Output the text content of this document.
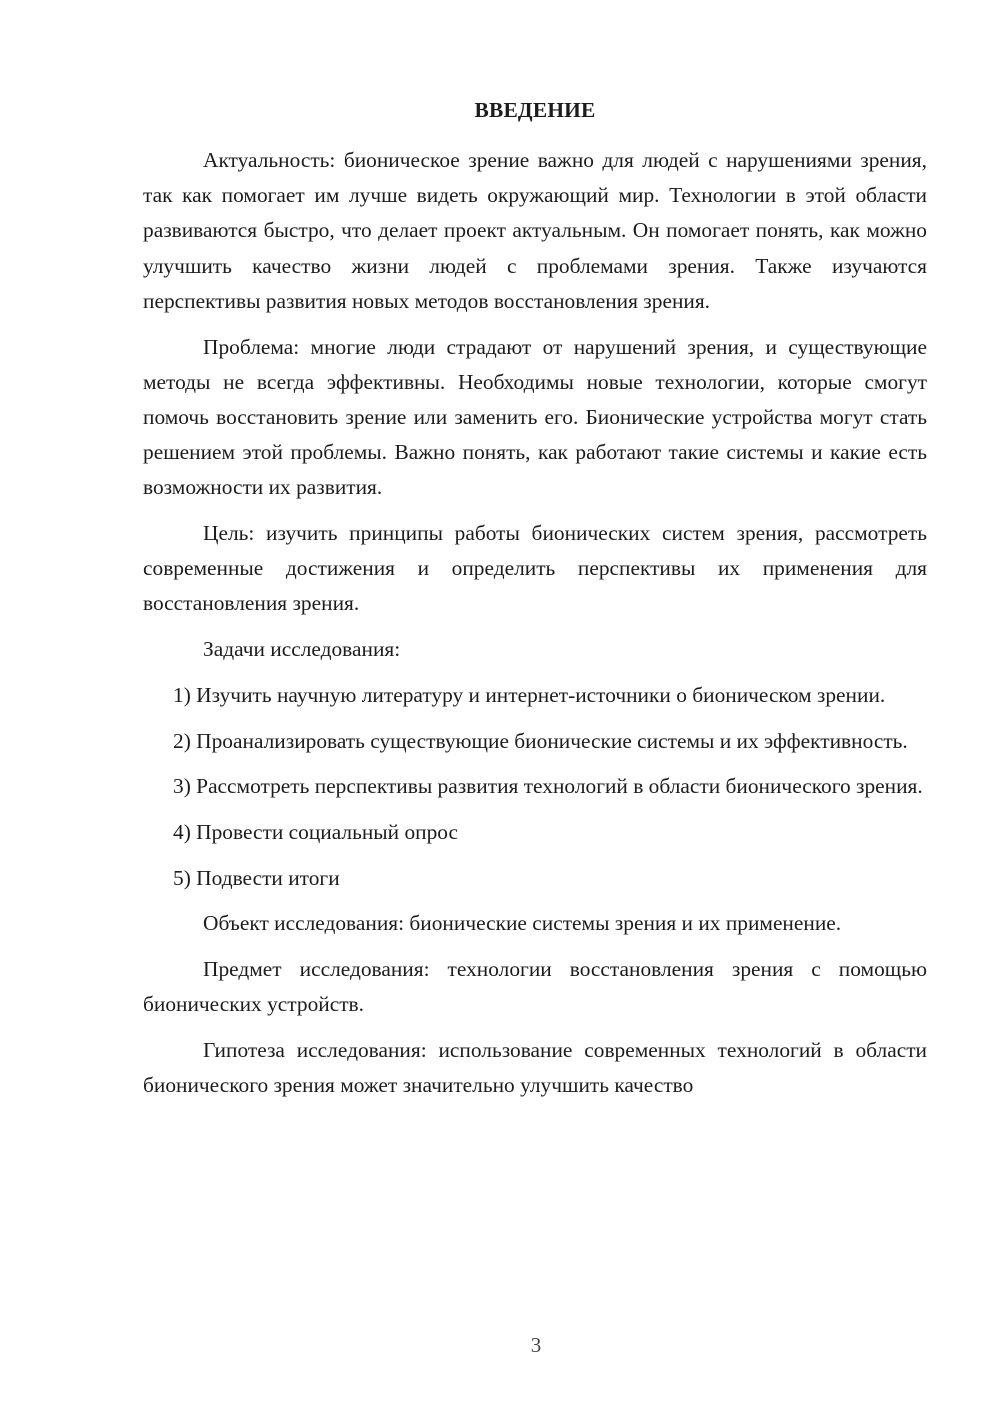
ВВЕДЕНИЕ

Актуальность: бионическое зрение важно для людей с нарушениями зрения, так как помогает им лучше видеть окружающий мир. Технологии в этой области развиваются быстро, что делает проект актуальным. Он помогает понять, как можно улучшить качество жизни людей с проблемами зрения. Также изучаются перспективы развития новых методов восстановления зрения.

Проблема: многие люди страдают от нарушений зрения, и существующие методы не всегда эффективны. Необходимы новые технологии, которые смогут помочь восстановить зрение или заменить его. Бионические устройства могут стать решением этой проблемы. Важно понять, как работают такие системы и какие есть возможности их развития.

Цель: изучить принципы работы бионических систем зрения, рассмотреть современные достижения и определить перспективы их применения для восстановления зрения.

Задачи исследования:

1) Изучить научную литературу и интернет-источники о бионическом зрении.

2) Проанализировать существующие бионические системы и их эффективность.

3) Рассмотреть перспективы развития технологий в области бионического зрения.

4) Провести социальный опрос

5) Подвести итоги

Объект исследования: бионические системы зрения и их применение.

Предмет исследования: технологии восстановления зрения с помощью бионических устройств.

Гипотеза исследования: использование современных технологий в области бионического зрения может значительно улучшить качество

3
